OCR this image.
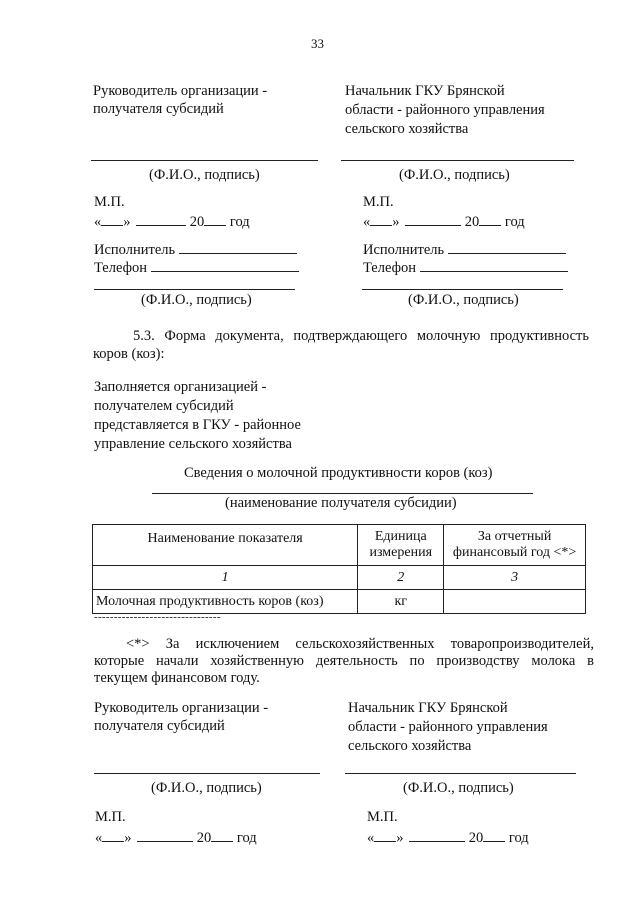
33
Руководитель организации -
получателя субсидий
Начальник ГКУ Брянской
области - районного управления
сельского хозяйства
(Ф.И.О., подпись)	(Ф.И.О., подпись)
М.П.	М.П.
« »	20 год	« »	20 год
Исполнитель
Телефон
Исполнитель
Телефон
(Ф.И.О., подпись)	(Ф.И.О., подпись)
5.3. Форма документа, подтверждающего молочную продуктивность
коров (коз):
Заполняется организацией -
получателем субсидий
представляется в ГКУ - районное
управление сельского хозяйства
Сведения о молочной продуктивности коров (коз)
(наименование получателя субсидии)
Наименование показателя	Единица измерения	За отчетный финансовый год <*>
1	2	3
Молочная продуктивность коров (коз)	кг	
--------------------------------
<*> За исключением сельскохозяйственных товаропроизводителей,
которые начали хозяйственную деятельность по производству молока в
текущем финансовом году.
Руководитель организации -
получателя субсидий
Начальник ГКУ Брянской
области - районного управления
сельского хозяйства
(Ф.И.О., подпись)	(Ф.И.О., подпись)
М.П.	М.П.
« »	20 год	« »	20 год
